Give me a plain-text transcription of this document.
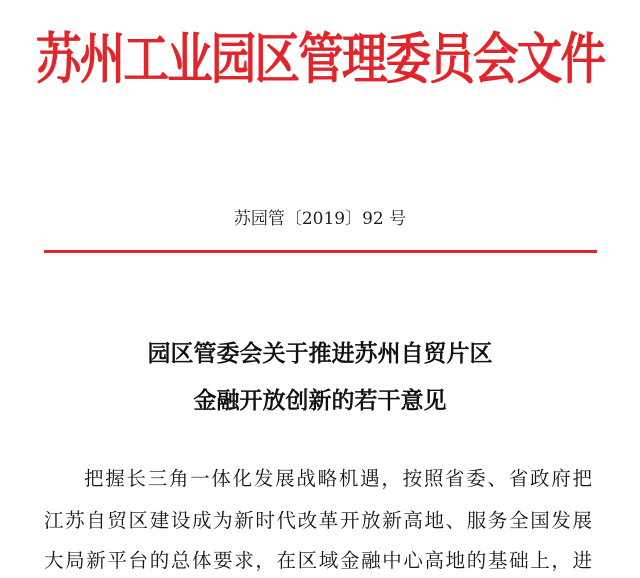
苏州工业园区管理委员会文件
苏园管〔2019〕92 号
园区管委会关于推进苏州自贸片区
金融开放创新的若干意见
把握长三角一体化发展战略机遇，按照省委、省政府把
江苏自贸区建设成为新时代改革开放新高地、服务全国发展
大局新平台的总体要求，在区域金融中心高地的基础上，进
